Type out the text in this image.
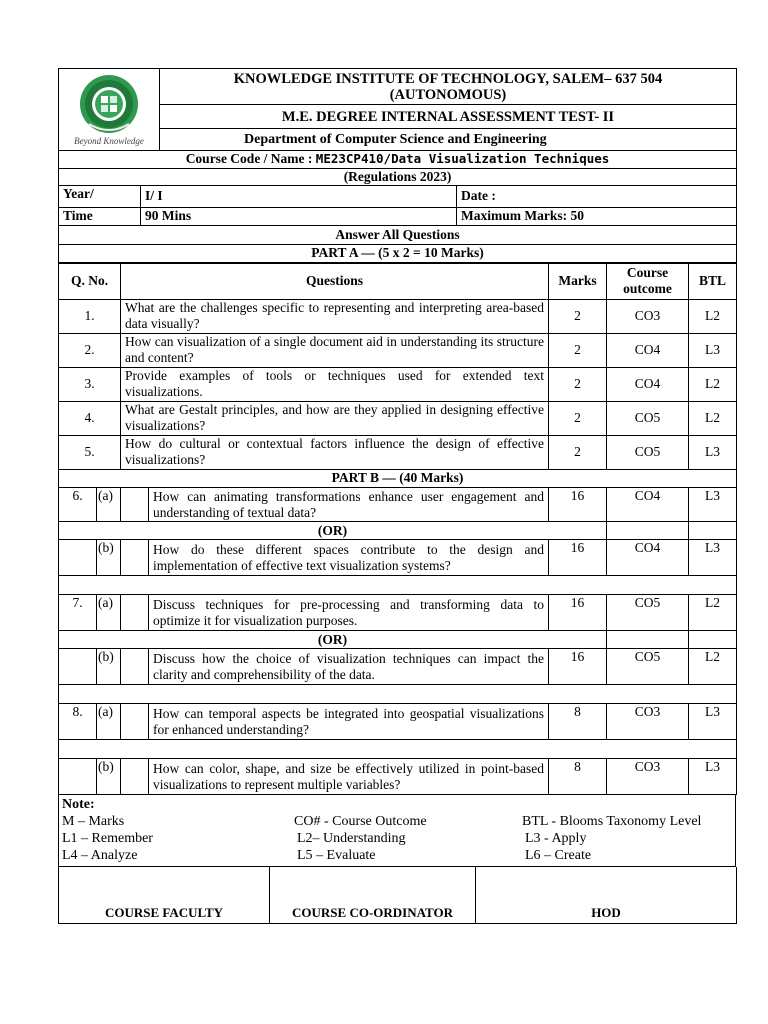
Beyond Knowledge

KNOWLEDGE INSTITUTE OF TECHNOLOGY, SALEM– 637 504
(AUTONOMOUS)

M.E. DEGREE INTERNAL ASSESSMENT TEST- II
Department of Computer Science and Engineering
Course Code / Name : ME23CP410/Data Visualization Techniques		
(Regulations 2023)		
Year/	I/ I	Date :
Time	90 Mins	Maximum Marks: 50
Answer All Questions		
PART A — (5 x 2 = 10 Marks)		
Q. No.	Questions	Marks	Course outcome	BTL
1.	What are the challenges specific to representing and interpreting area-based data visually?	2	CO3	L2
2.	How can visualization of a single document aid in understanding its structure and content?	2	CO4	L3
3.	Provide examples of tools or techniques used for extended text visualizations.	2	CO4	L2
4.	What are Gestalt principles, and how are they applied in designing effective visualizations?	2	CO5	L2
5.	How do cultural or contextual factors influence the design of effective visualizations?	2	CO5	L3
PART B — (40 Marks)						
6.	(a)		How can animating transformations enhance user engagement and understanding of textual data?	16	CO4	L3
(OR)						
	(b)		How do these different spaces contribute to the design and implementation of effective text visualization systems?	16	CO4	L3

7.	(a)		Discuss techniques for pre-processing and transforming data to optimize it for visualization purposes.	16	CO5	L2
(OR)						
	(b)		Discuss how the choice of visualization techniques can impact the clarity and comprehensibility of the data.	16	CO5	L2

8.	(a)		How can temporal aspects be integrated into geospatial visualizations for enhanced understanding?	8	CO3	L3

	(b)		How can color, shape, and size be effectively utilized in point-based visualizations to represent multiple variables?	8	CO3	L3
Note:		
M – Marks	CO# - Course Outcome	BTL - Blooms Taxonomy Level
L1 – Remember	L2– Understanding	L3 - Apply
L4 – Analyze	L5 – Evaluate	L6 – Create
COURSE FACULTY	COURSE CO-ORDINATOR	HOD
